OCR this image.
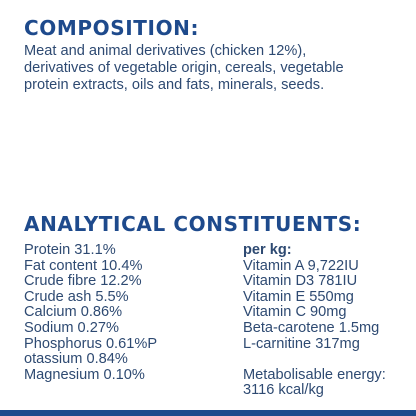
COMPOSITION:

Meat and animal derivatives (chicken 12%),
derivatives of vegetable origin, cereals, vegetable
protein extracts, oils and fats, minerals, seeds.

ANALYTICAL CONSTITUENTS:
Protein 31.1%
Fat content 10.4%
Crude fibre 12.2%
Crude ash 5.5%
Calcium 0.86%
Sodium 0.27%
Phosphorus 0.61%P
otassium 0.84%
Magnesium 0.10%
per kg:
Vitamin A 9,722IU
Vitamin D3 781IU
Vitamin E 550mg
Vitamin C 90mg
Beta-carotene 1.5mg
L-carnitine 317mg
Metabolisable energy:
3116 kcal/kg
